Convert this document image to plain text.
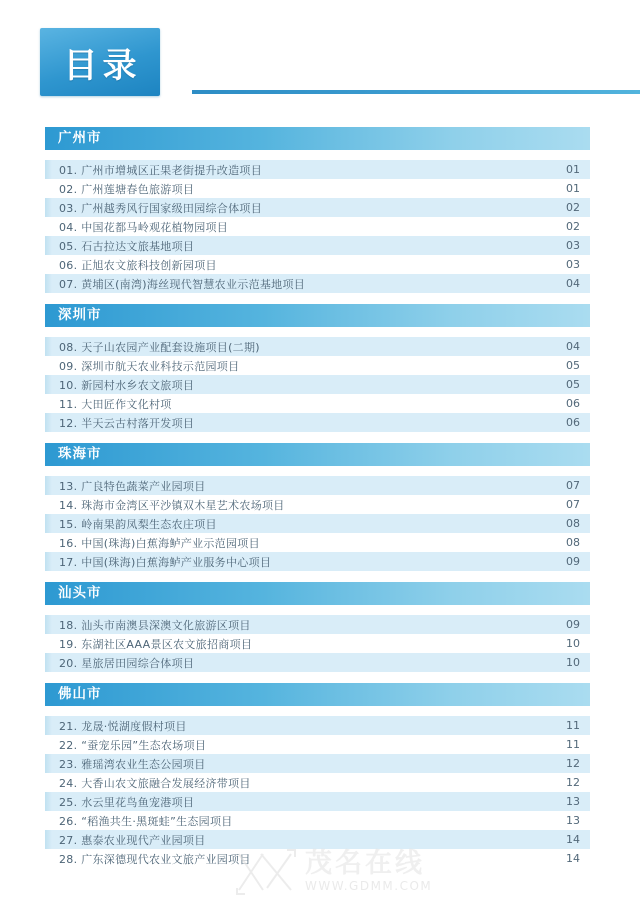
目录
广州市
01. 广州市增城区正果老街提升改造项目	01
02. 广州莲塘春色旅游项目	01
03. 广州越秀风行国家级田园综合体项目	02
04. 中国花都马岭观花植物园项目	02
05. 石古拉达文旅基地项目	03
06. 正旭农文旅科技创新园项目	03
07. 黄埔区(南湾)海丝现代智慧农业示范基地项目	04
深圳市
08. 天子山农园产业配套设施项目(二期)	04
09. 深圳市航天农业科技示范园项目	05
10. 新园村水乡农文旅项目	05
11. 大田匠作文化村项	06
12. 半天云古村落开发项目	06
珠海市
13. 广良特色蔬菜产业园项目	07
14. 珠海市金湾区平沙镇双木星艺术农场项目	07
15. 岭南果韵凤梨生态农庄项目	08
16. 中国(珠海)白蕉海鲈产业示范园项目	08
17. 中国(珠海)白蕉海鲈产业服务中心项目	09
汕头市
18. 汕头市南澳县深澳文化旅游区项目	09
19. 东湖社区AAA景区农文旅招商项目	10
20. 星旅居田园综合体项目	10
佛山市
21. 龙晟·悦湖度假村项目	11
22. “蚕宠乐园”生态农场项目	11
23. 雅瑶湾农业生态公园项目	12
24. 大香山农文旅融合发展经济带项目	12
25. 水云里花鸟鱼宠港项目	13
26. “稻渔共生·黑斑蛙”生态园项目	13
27. 惠泰农业现代产业园项目	14
28. 广东深德现代农业文旅产业园项目	14
茂名在线
WWW.GDMM.COM
